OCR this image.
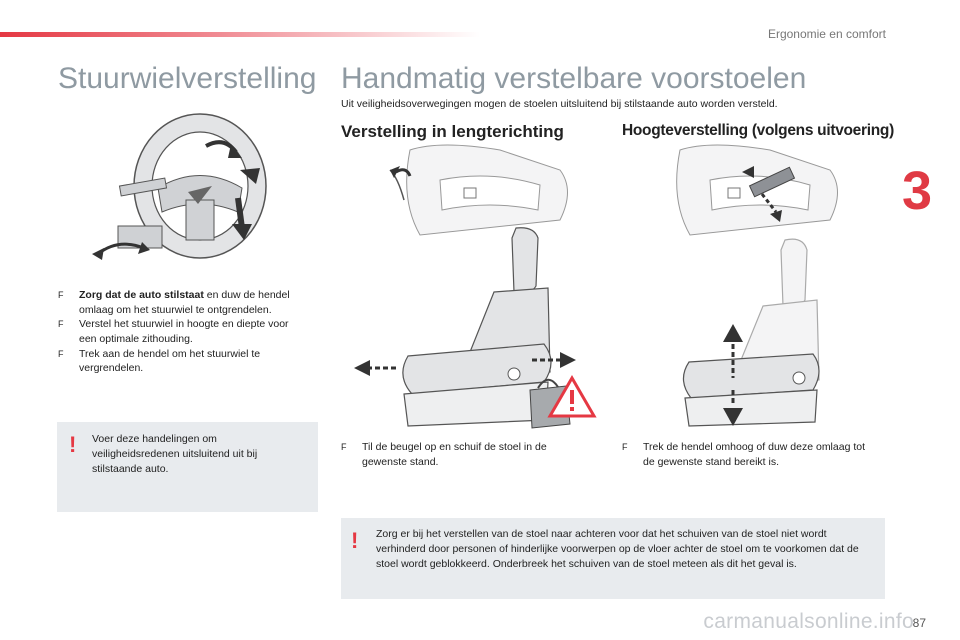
Ergonomie en comfort
3
Stuurwielverstelling Handmatig verstelbare voorstoelen
Uit veiligheidsoverwegingen mogen de stoelen uitsluitend bij stilstaande auto worden versteld.
Verstelling in lengterichting	Hoogteverstelling (volgens uitvoering)
F	Zorg dat de auto stilstaat en duw de hendel omlaag om het stuurwiel te ontgrendelen.
F	Verstel het stuurwiel in hoogte en diepte voor een optimale zithouding.
F	Trek aan de hendel om het stuurwiel te vergrendelen.
! Voer deze handelingen om veiligheidsredenen uitsluitend uit bij stilstaande auto.
F	Til de beugel op en schuif de stoel in de gewenste stand.
F	Trek de hendel omhoog of duw deze omlaag tot de gewenste stand bereikt is.
! Zorg er bij het verstellen van de stoel naar achteren voor dat het schuiven van de stoel niet wordt verhinderd door personen of hinderlijke voorwerpen op de vloer achter de stoel om te voorkomen dat de stoel wordt geblokkeerd. Onderbreek het schuiven van de stoel meteen als dit het geval is.
87
carmanualsonline.info
